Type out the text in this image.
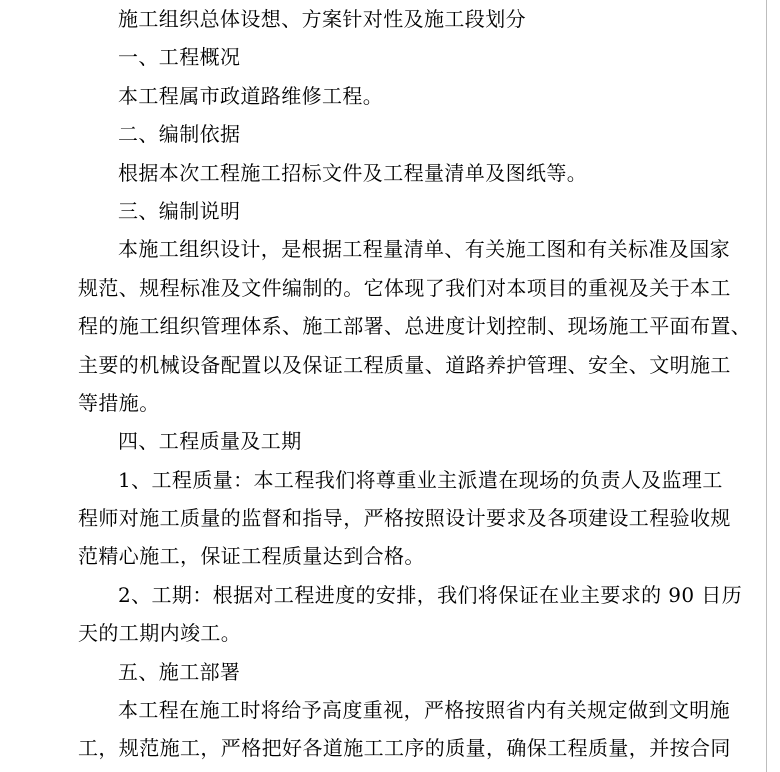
施工组织总体设想、方案针对性及施工段划分
一、工程概况
本工程属市政道路维修工程。
二、编制依据
根据本次工程施工招标文件及工程量清单及图纸等。
三、编制说明
本施工组织设计，是根据工程量清单、有关施工图和有关标准及国家
规范、规程标准及文件编制的。它体现了我们对本项目的重视及关于本工
程的施工组织管理体系、施工部署、总进度计划控制、现场施工平面布置、
主要的机械设备配置以及保证工程质量、道路养护管理、安全、文明施工
等措施。
四、工程质量及工期
1、工程质量：本工程我们将尊重业主派遣在现场的负责人及监理工
程师对施工质量的监督和指导，严格按照设计要求及各项建设工程验收规
范精心施工，保证工程质量达到合格。
2、工期：根据对工程进度的安排，我们将保证在业主要求的 90 日历
天的工期内竣工。
五、施工部署
本工程在施工时将给予高度重视，严格按照省内有关规定做到文明施
工，规范施工，严格把好各道施工工序的质量，确保工程质量，并按合同
